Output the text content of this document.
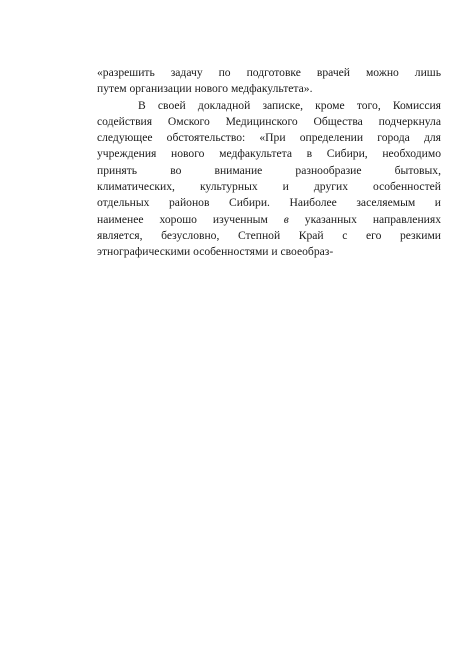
«разрешить задачу по подготовке врачей можно лишь
путем организации нового медфакультета».
В своей докладной записке, кроме того, Комиссия
содействия Омского Медицинского Общества подчеркнула
следующее обстоятельство: «При определении города для
учреждения нового медфакультета в Сибири, необходимо
принять во внимание разнообразие бытовых,
климатических, культурных и других особенностей
отдельных районов Сибири. Наиболее заселяемым и
наименее хорошо изученным в указанных направлениях
является, безусловно, Степной Край с его резкими
этнографическими особенностями и своеобраз-
